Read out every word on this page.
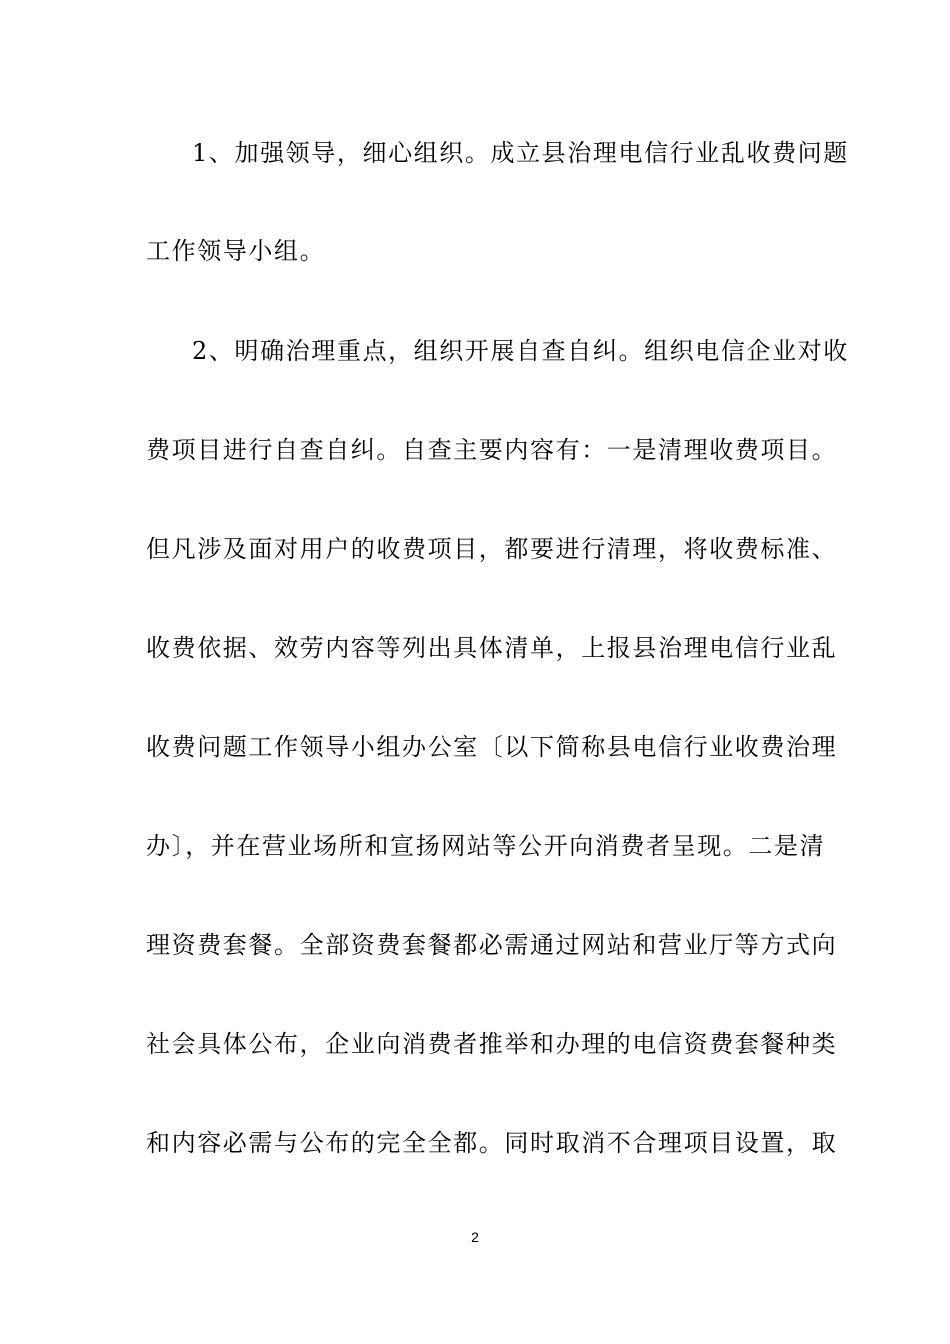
1、加强领导，细心组织。成立县治理电信行业乱收费问题
工作领导小组。
2、明确治理重点，组织开展自查自纠。组织电信企业对收
费项目进行自查自纠。自查主要内容有：一是清理收费项目。
但凡涉及面对用户的收费项目，都要进行清理，将收费标准、
收费依据、效劳内容等列出具体清单，上报县治理电信行业乱
收费问题工作领导小组办公室〔以下简称县电信行业收费治理
办〕，并在营业场所和宣扬网站等公开向消费者呈现。二是清
理资费套餐。全部资费套餐都必需通过网站和营业厅等方式向
社会具体公布，企业向消费者推举和办理的电信资费套餐种类
和内容必需与公布的完全全都。同时取消不合理项目设置，取
2
